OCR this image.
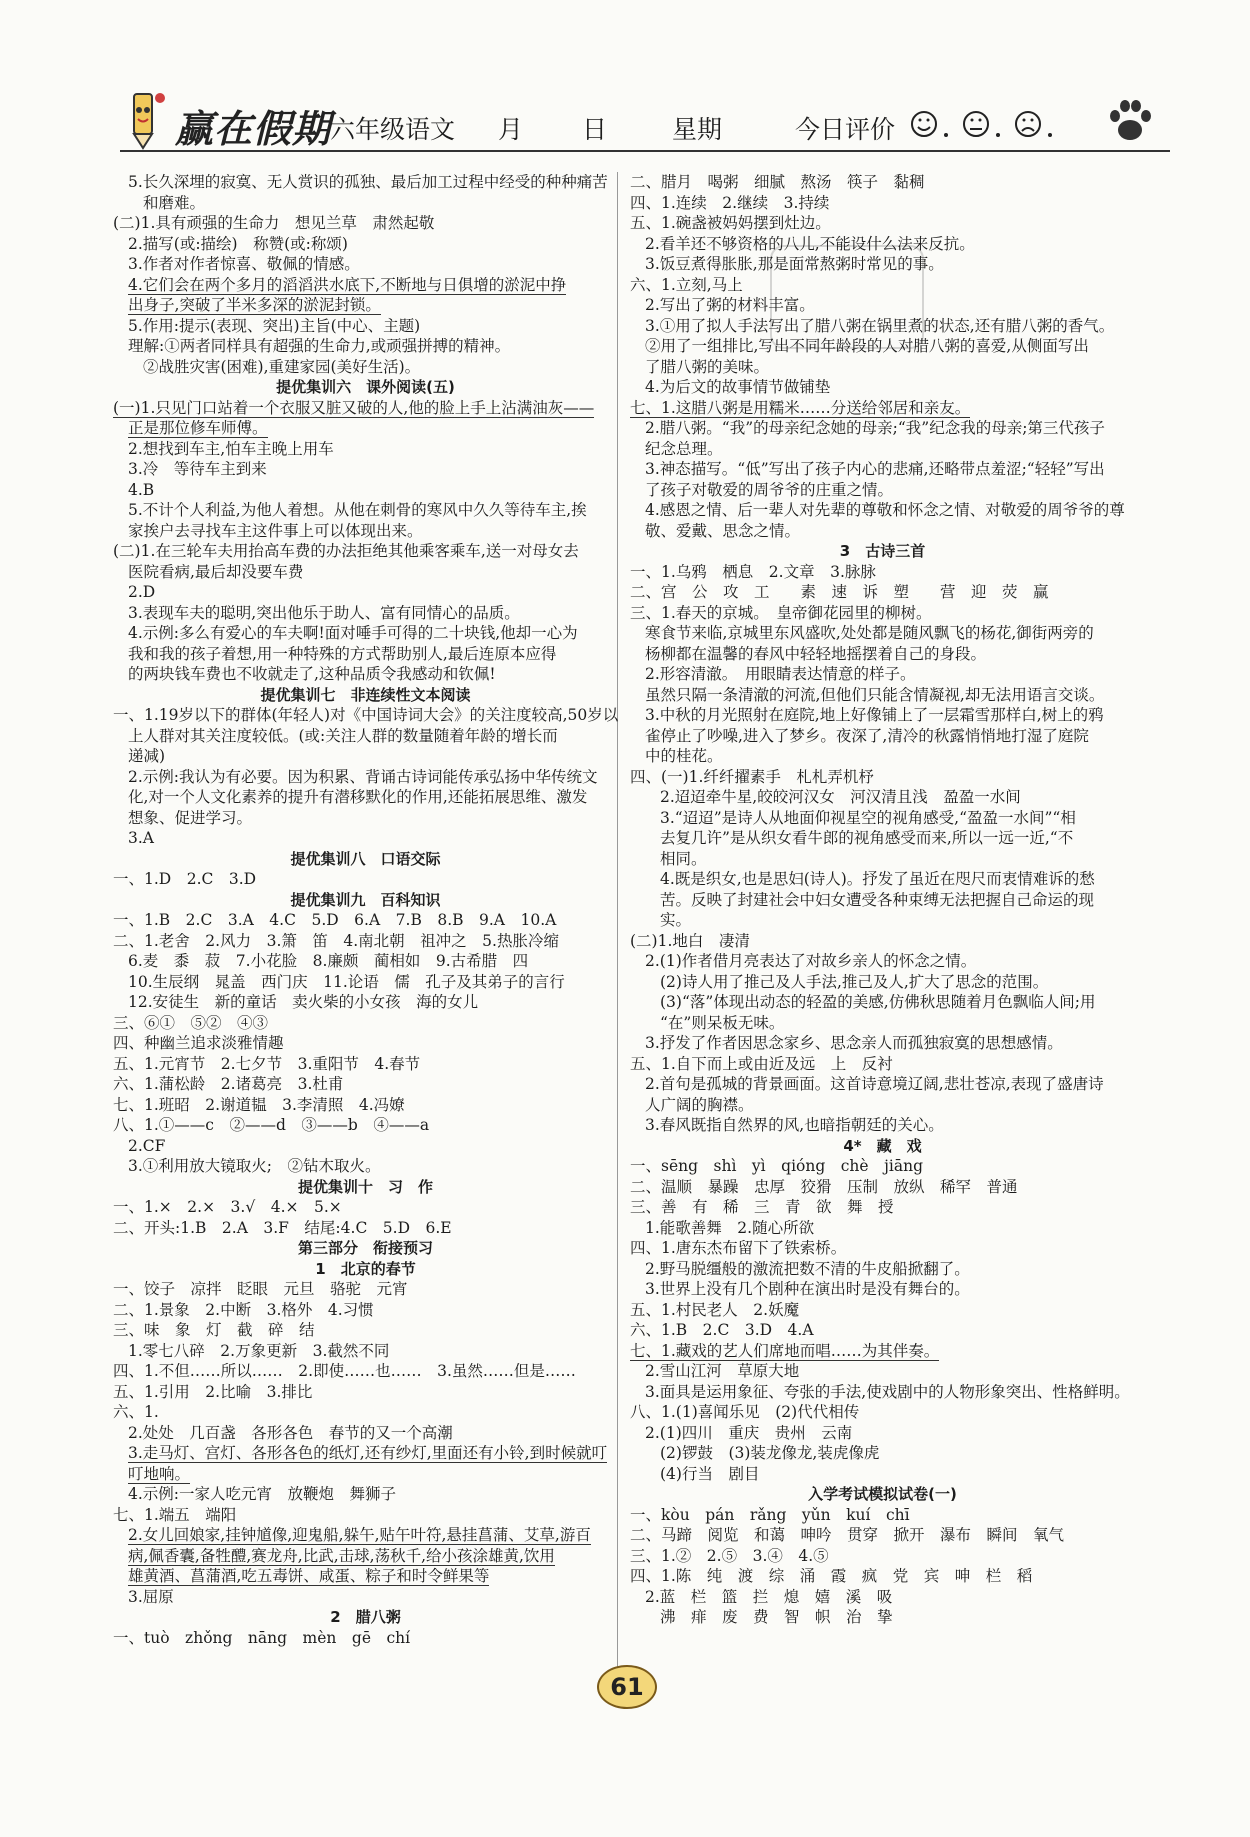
赢在假期
六年级语文 月 日	星期	今日评价
5.长久深埋的寂寞、无人赏识的孤独、最后加工过程中经受的种种痛苦
和磨难。
(二)1.具有顽强的生命力　想见兰草　肃然起敬
2.描写(或:描绘)　称赞(或:称颂)
3.作者对作者惊喜、敬佩的情感。
4.它们会在两个多月的滔滔洪水底下,不断地与日俱增的淤泥中挣
出身子,突破了半米多深的淤泥封锁。
5.作用:提示(表现、突出)主旨(中心、主题)
理解:①两者同样具有超强的生命力,或顽强拼搏的精神。
②战胜灾害(困难),重建家园(美好生活)。
提优集训六　课外阅读(五)
(一)1.只见门口站着一个衣服又脏又破的人,他的脸上手上沾满油灰——
正是那位修车师傅。
2.想找到车主,怕车主晚上用车
3.冷　等待车主到来
4.B
5.不计个人利益,为他人着想。从他在刺骨的寒风中久久等待车主,挨
家挨户去寻找车主这件事上可以体现出来。
(二)1.在三轮车夫用抬高车费的办法拒绝其他乘客乘车,送一对母女去
医院看病,最后却没要车费
2.D
3.表现车夫的聪明,突出他乐于助人、富有同情心的品质。
4.示例:多么有爱心的车夫啊!面对唾手可得的二十块钱,他却一心为
我和我的孩子着想,用一种特殊的方式帮助别人,最后连原本应得
的两块钱车费也不收就走了,这种品质令我感动和钦佩!
提优集训七　非连续性文本阅读
一、1.19岁以下的群体(年轻人)对《中国诗词大会》的关注度较高,50岁以
上人群对其关注度较低。(或:关注人群的数量随着年龄的增长而
递减)
2.示例:我认为有必要。因为积累、背诵古诗词能传承弘扬中华传统文
化,对一个人文化素养的提升有潜移默化的作用,还能拓展思维、激发
想象、促进学习。
3.A
提优集训八　口语交际
一、1.D　2.C　3.D
提优集训九　百科知识
一、1.B　2.C　3.A　4.C　5.D　6.A　7.B　8.B　9.A　10.A
二、1.老舍　2.风力　3.箫　笛　4.南北朝　祖冲之　5.热胀冷缩
6.麦　黍　菽　7.小花脸　8.廉颇　蔺相如　9.古希腊　四
10.生辰纲　晁盖　西门庆　11.论语　儒　孔子及其弟子的言行
12.安徒生　新的童话　卖火柴的小女孩　海的女儿
三、⑥①　⑤②　④③
四、种幽兰追求淡雅情趣
五、1.元宵节　2.七夕节　3.重阳节　4.春节
六、1.蒲松龄　2.诸葛亮　3.杜甫
七、1.班昭　2.谢道韫　3.李清照　4.冯嫽
八、1.①——c　②——d　③——b　④——a
2.CF
3.①利用放大镜取火;　②钻木取火。
提优集训十　习　作
一、1.×　2.×　3.√　4.×　5.×
二、开头:1.B　2.A　3.F　结尾:4.C　5.D　6.E
第三部分　衔接预习
1　北京的春节
一、饺子　凉拌　眨眼　元旦　骆驼　元宵
二、1.景象　2.中断　3.格外　4.习惯
三、味　象　灯　截　碎　结
1.零七八碎　2.万象更新　3.截然不同
四、1.不但……所以……　2.即使……也……　3.虽然……但是……
五、1.引用　2.比喻　3.排比
六、1.
2.处处　几百盏　各形各色　春节的又一个高潮
3.走马灯、宫灯、各形各色的纸灯,还有纱灯,里面还有小铃,到时候就叮
叮地响。
4.示例:一家人吃元宵　放鞭炮　舞狮子
七、1.端五　端阳
2.女儿回娘家,挂钟馗像,迎鬼船,躲午,贴午叶符,悬挂菖蒲、艾草,游百
病,佩香囊,备牲醴,赛龙舟,比武,击球,荡秋千,给小孩涂雄黄,饮用
雄黄酒、菖蒲酒,吃五毒饼、咸蛋、粽子和时令鲜果等
3.屈原
2　腊八粥
一、tuò　zhǒng　nāng　mèn　gē　chí
二、腊月　喝粥　细腻　熬汤　筷子　黏稠
四、1.连续　2.继续　3.持续
五、1.碗盏被妈妈摆到灶边。
2.看羊还不够资格的八儿,不能设什么法来反抗。
3.饭豆煮得胀胀,那是面常熬粥时常见的事。
六、1.立刻,马上
2.写出了粥的材料丰富。
3.①用了拟人手法写出了腊八粥在锅里煮的状态,还有腊八粥的香气。
②用了一组排比,写出不同年龄段的人对腊八粥的喜爱,从侧面写出
了腊八粥的美味。
4.为后文的故事情节做铺垫
七、1.这腊八粥是用糯米……分送给邻居和亲友。
2.腊八粥。“我”的母亲纪念她的母亲;“我”纪念我的母亲;第三代孩子
纪念总理。
3.神态描写。“低”写出了孩子内心的悲痛,还略带点羞涩;“轻轻”写出
了孩子对敬爱的周爷爷的庄重之情。
4.感恩之情、后一辈人对先辈的尊敬和怀念之情、对敬爱的周爷爷的尊
敬、爱戴、思念之情。
3　古诗三首
一、1.乌鸦　栖息　2.文章　3.脉脉
二、宫　公　攻　工　　素　速　诉　塑　　营　迎　荧　赢
三、1.春天的京城。　皇帝御花园里的柳树。
寒食节来临,京城里东风盛吹,处处都是随风飘飞的杨花,御街两旁的
杨柳都在温馨的春风中轻轻地摇摆着自己的身段。
2.形容清澈。　用眼睛表达情意的样子。
虽然只隔一条清澈的河流,但他们只能含情凝视,却无法用语言交谈。
3.中秋的月光照射在庭院,地上好像铺上了一层霜雪那样白,树上的鸦
雀停止了吵噪,进入了梦乡。夜深了,清冷的秋露悄悄地打湿了庭院
中的桂花。
四、(一)1.纤纤擢素手　札札弄机杼
2.迢迢牵牛星,皎皎河汉女　河汉清且浅　盈盈一水间
3.“迢迢”是诗人从地面仰视星空的视角感受,“盈盈一水间”“相
去复几许”是从织女看牛郎的视角感受而来,所以一远一近,“不
相同。
4.既是织女,也是思妇(诗人)。抒发了虽近在咫尺而衷情难诉的愁
苦。反映了封建社会中妇女遭受各种束缚无法把握自己命运的现
实。
(二)1.地白　凄清
2.(1)作者借月亮表达了对故乡亲人的怀念之情。
(2)诗人用了推己及人手法,推己及人,扩大了思念的范围。
(3)“落”体现出动态的轻盈的美感,仿佛秋思随着月色飘临人间;用
“在”则呆板无味。
3.抒发了作者因思念家乡、思念亲人而孤独寂寞的思想感情。
五、1.自下而上或由近及远　上　反衬
2.首句是孤城的背景画面。这首诗意境辽阔,悲壮苍凉,表现了盛唐诗
人广阔的胸襟。
3.春风既指自然界的风,也暗指朝廷的关心。
4*　藏　戏
一、sēng　shì　yì　qióng　chè　jiāng
二、温顺　暴躁　忠厚　狡猾　压制　放纵　稀罕　普通
三、善　有　稀　三　青　欲　舞　授
1.能歌善舞　2.随心所欲
四、1.唐东杰布留下了铁索桥。
2.野马脱缰般的激流把数不清的牛皮船掀翻了。
3.世界上没有几个剧种在演出时是没有舞台的。
五、1.村民老人　2.妖魔
六、1.B　2.C　3.D　4.A
七、1.藏戏的艺人们席地而唱……为其伴奏。
2.雪山江河　草原大地
3.面具是运用象征、夸张的手法,使戏剧中的人物形象突出、性格鲜明。
八、1.(1)喜闻乐见　(2)代代相传
2.(1)四川　重庆　贵州　云南
(2)锣鼓　(3)装龙像龙,装虎像虎
(4)行当　剧目
入学考试模拟试卷(一)
一、kòu　pán　rǎng　yǔn　kuí　chī
二、马蹄　阅览　和蔼　呻吟　贯穿　掀开　瀑布　瞬间　氧气
三、1.②　2.⑤　3.④　4.⑤
四、1.陈　纯　渡　综　涌　霞　疯　党　宾　呻　栏　稻
2.蓝　栏　篮　拦　熄　嬉　溪　吸
沸　痱　废　费　智　帜　治　挚
61
